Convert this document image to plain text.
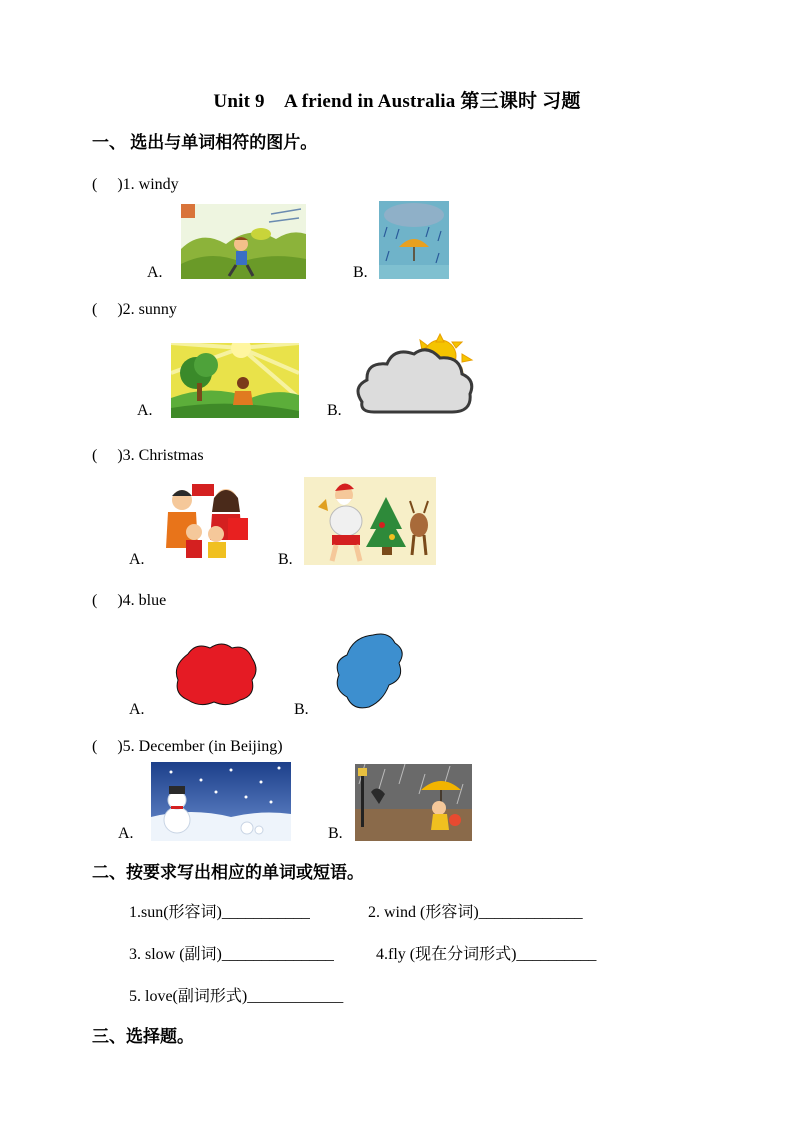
Unit 9　A friend in Australia 第三课时 习题
一、 选出与单词相符的图片。
(　 )1. windy
A.	B.
(　 )2. sunny
A.	B.
(　 )3. Christmas
A.	B.
(　 )4. blue
A.	B.
(　 )5. December (in Beijing)
A.	B.
二、按要求写出相应的单词或短语。
1.sun(形容词)___________	2. wind (形容词)_____________
3. slow (副词)______________	4.fly (现在分词形式)__________
5. love(副词形式)____________
三、选择题。
